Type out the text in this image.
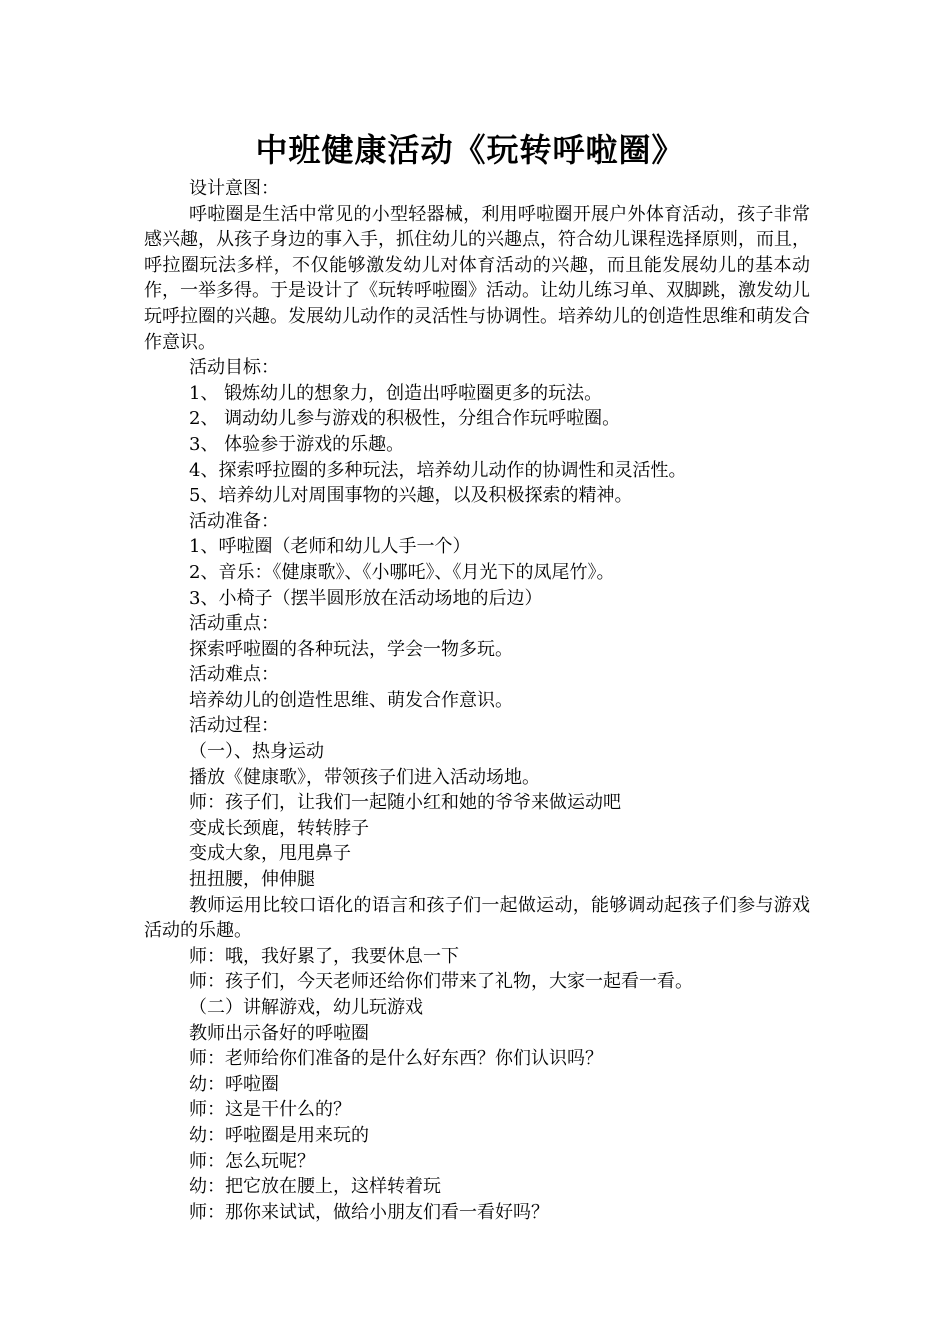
中班健康活动《玩转呼啦圈》

设计意图：

呼啦圈是生活中常见的小型轻器械，利用呼啦圈开展户外体育活动，孩子非常感兴趣，从孩子身边的事入手，抓住幼儿的兴趣点，符合幼儿课程选择原则，而且，呼拉圈玩法多样，不仅能够激发幼儿对体育活动的兴趣，而且能发展幼儿的基本动作，一举多得。于是设计了《玩转呼啦圈》活动。让幼儿练习单、双脚跳，激发幼儿玩呼拉圈的兴趣。发展幼儿动作的灵活性与协调性。培养幼儿的创造性思维和萌发合作意识。

活动目标：

1、 锻炼幼儿的想象力，创造出呼啦圈更多的玩法。

2、 调动幼儿参与游戏的积极性，分组合作玩呼啦圈。

3、 体验参于游戏的乐趣。

4、探索呼拉圈的多种玩法，培养幼儿动作的协调性和灵活性。

5、培养幼儿对周围事物的兴趣，以及积极探索的精神。

活动准备：

1、呼啦圈（老师和幼儿人手一个）

2、音乐：《健康歌》、《小哪吒》、《月光下的凤尾竹》。

3、小椅子（摆半圆形放在活动场地的后边）

活动重点：

探索呼啦圈的各种玩法，学会一物多玩。

活动难点：

培养幼儿的创造性思维、萌发合作意识。

活动过程：

（一）、热身运动

播放《健康歌》，带领孩子们进入活动场地。

师：孩子们，让我们一起随小红和她的爷爷来做运动吧

变成长颈鹿，转转脖子

变成大象，甩甩鼻子

扭扭腰，伸伸腿

教师运用比较口语化的语言和孩子们一起做运动，能够调动起孩子们参与游戏活动的乐趣。

师：哦，我好累了，我要休息一下

师：孩子们，今天老师还给你们带来了礼物，大家一起看一看。

（二）讲解游戏，幼儿玩游戏

教师出示备好的呼啦圈

师：老师给你们准备的是什么好东西？你们认识吗？

幼：呼啦圈

师：这是干什么的？

幼：呼啦圈是用来玩的

师：怎么玩呢？

幼：把它放在腰上，这样转着玩

师：那你来试试，做给小朋友们看一看好吗？
